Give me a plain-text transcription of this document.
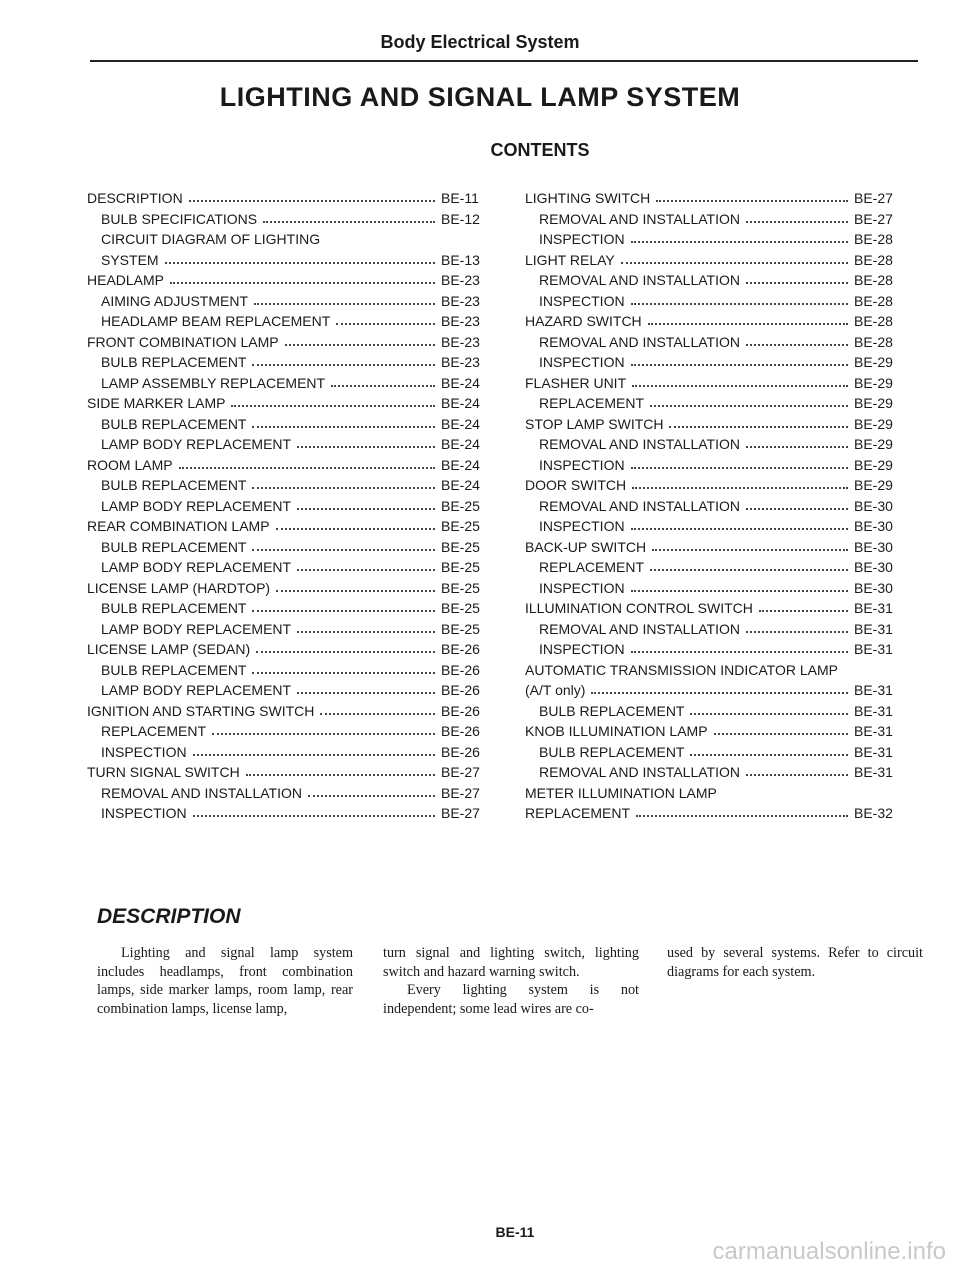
Body Electrical System
LIGHTING AND SIGNAL LAMP SYSTEM
CONTENTS
DESCRIPTION	BE-11
BULB SPECIFICATIONS	BE-12
CIRCUIT DIAGRAM OF LIGHTING
SYSTEM	BE-13
HEADLAMP	BE-23
AIMING ADJUSTMENT	BE-23
HEADLAMP BEAM REPLACEMENT	BE-23
FRONT COMBINATION LAMP	BE-23
BULB REPLACEMENT	BE-23
LAMP ASSEMBLY REPLACEMENT	BE-24
SIDE MARKER LAMP	BE-24
BULB REPLACEMENT	BE-24
LAMP BODY REPLACEMENT	BE-24
ROOM LAMP	BE-24
BULB REPLACEMENT	BE-24
LAMP BODY REPLACEMENT	BE-25
REAR COMBINATION LAMP	BE-25
BULB REPLACEMENT	BE-25
LAMP BODY REPLACEMENT	BE-25
LICENSE LAMP (HARDTOP)	BE-25
BULB REPLACEMENT	BE-25
LAMP BODY REPLACEMENT	BE-25
LICENSE LAMP (SEDAN)	BE-26
BULB REPLACEMENT	BE-26
LAMP BODY REPLACEMENT	BE-26
IGNITION AND STARTING SWITCH	BE-26
REPLACEMENT	BE-26
INSPECTION	BE-26
TURN SIGNAL SWITCH	BE-27
REMOVAL AND INSTALLATION	BE-27
INSPECTION	BE-27
LIGHTING SWITCH	BE-27
REMOVAL AND INSTALLATION	BE-27
INSPECTION	BE-28
LIGHT RELAY	BE-28
REMOVAL AND INSTALLATION	BE-28
INSPECTION	BE-28
HAZARD SWITCH	BE-28
REMOVAL AND INSTALLATION	BE-28
INSPECTION	BE-29
FLASHER UNIT	BE-29
REPLACEMENT	BE-29
STOP LAMP SWITCH	BE-29
REMOVAL AND INSTALLATION	BE-29
INSPECTION	BE-29
DOOR SWITCH	BE-29
REMOVAL AND INSTALLATION	BE-30
INSPECTION	BE-30
BACK-UP SWITCH	BE-30
REPLACEMENT	BE-30
INSPECTION	BE-30
ILLUMINATION CONTROL SWITCH	BE-31
REMOVAL AND INSTALLATION	BE-31
INSPECTION	BE-31
AUTOMATIC TRANSMISSION INDICATOR LAMP
(A/T only)	BE-31
BULB REPLACEMENT	BE-31
KNOB ILLUMINATION LAMP	BE-31
BULB REPLACEMENT	BE-31
REMOVAL AND INSTALLATION	BE-31
METER ILLUMINATION LAMP
REPLACEMENT	BE-32
DESCRIPTION

Lighting and signal lamp system includes headlamps, front combination lamps, side marker lamps, room lamp, rear combination lamps, license lamp,

turn signal and lighting switch, lighting switch and hazard warning switch.

Every lighting system is not independent; some lead wires are co-

used by several systems. Refer to circuit diagrams for each system.

BE-11
carmanualsonline.info
